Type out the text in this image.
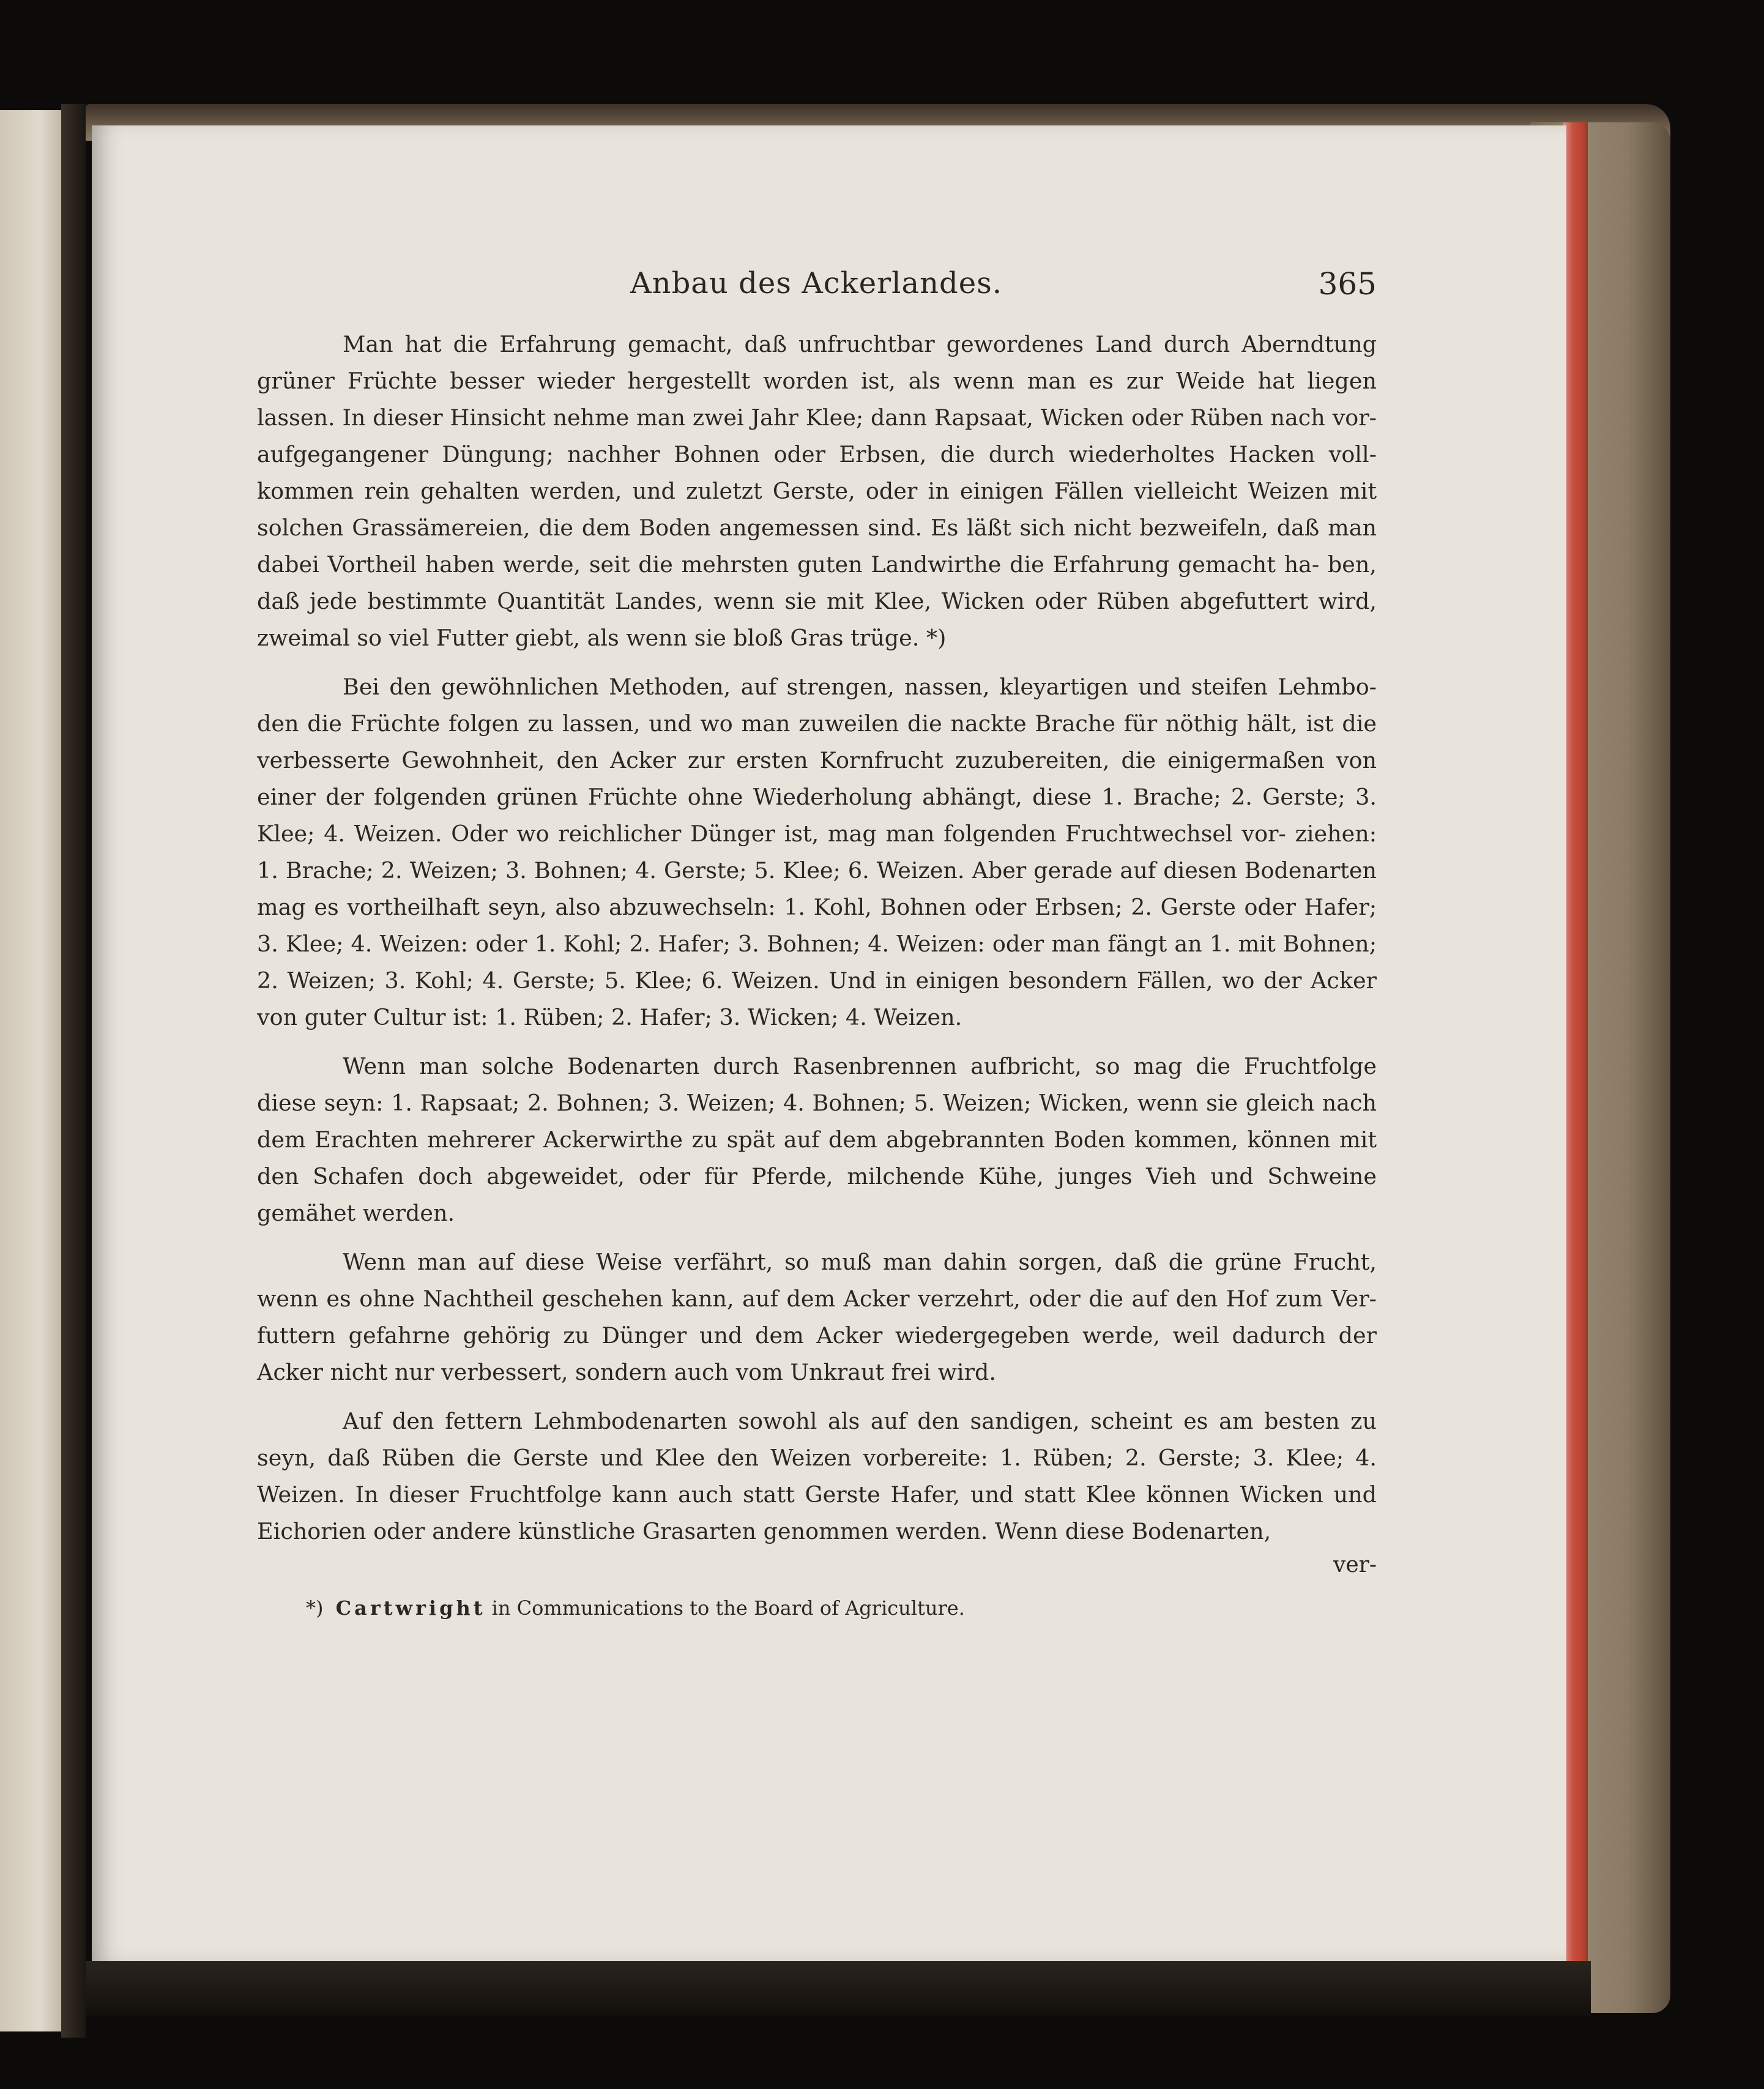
Anbau des Ackerlandes.	365

Man hat die Erfahrung gemacht, daß unfruchtbar gewordenes Land durch Aberndtung grüner Früchte besser wieder hergestellt worden ist, als wenn man es zur Weide hat liegen lassen. In dieser Hinsicht nehme man zwei Jahr Klee; dann Rapsaat, Wicken oder Rüben nach vor- aufgegangener Düngung; nachher Bohnen oder Erbsen, die durch wiederholtes Hacken voll- kommen rein gehalten werden, und zuletzt Gerste, oder in einigen Fällen vielleicht Weizen mit solchen Grassämereien, die dem Boden angemessen sind. Es läßt sich nicht bezweifeln, daß man dabei Vortheil haben werde, seit die mehrsten guten Landwirthe die Erfahrung gemacht ha- ben, daß jede bestimmte Quantität Landes, wenn sie mit Klee, Wicken oder Rüben abgefuttert wird, zweimal so viel Futter giebt, als wenn sie bloß Gras trüge. *)

Bei den gewöhnlichen Methoden, auf strengen, nassen, kleyartigen und steifen Lehmbo- den die Früchte folgen zu lassen, und wo man zuweilen die nackte Brache für nöthig hält, ist die verbesserte Gewohnheit, den Acker zur ersten Kornfrucht zuzubereiten, die einigermaßen von einer der folgenden grünen Früchte ohne Wiederholung abhängt, diese 1. Brache; 2. Gerste; 3. Klee; 4. Weizen. Oder wo reichlicher Dünger ist, mag man folgenden Fruchtwechsel vor- ziehen: 1. Brache; 2. Weizen; 3. Bohnen; 4. Gerste; 5. Klee; 6. Weizen. Aber gerade auf diesen Bodenarten mag es vortheilhaft seyn, also abzuwechseln: 1. Kohl, Bohnen oder Erbsen; 2. Gerste oder Hafer; 3. Klee; 4. Weizen: oder 1. Kohl; 2. Hafer; 3. Bohnen; 4. Weizen: oder man fängt an 1. mit Bohnen; 2. Weizen; 3. Kohl; 4. Gerste; 5. Klee; 6. Weizen. Und in einigen besondern Fällen, wo der Acker von guter Cultur ist: 1. Rüben; 2. Hafer; 3. Wicken; 4. Weizen.

Wenn man solche Bodenarten durch Rasenbrennen aufbricht, so mag die Fruchtfolge diese seyn: 1. Rapsaat; 2. Bohnen; 3. Weizen; 4. Bohnen; 5. Weizen; Wicken, wenn sie gleich nach dem Erachten mehrerer Ackerwirthe zu spät auf dem abgebrannten Boden kommen, können mit den Schafen doch abgeweidet, oder für Pferde, milchende Kühe, junges Vieh und Schweine gemähet werden.

Wenn man auf diese Weise verfährt, so muß man dahin sorgen, daß die grüne Frucht, wenn es ohne Nachtheil geschehen kann, auf dem Acker verzehrt, oder die auf den Hof zum Ver- futtern gefahrne gehörig zu Dünger und dem Acker wiedergegeben werde, weil dadurch der Acker nicht nur verbessert, sondern auch vom Unkraut frei wird.

Auf den fettern Lehmbodenarten sowohl als auf den sandigen, scheint es am besten zu seyn, daß Rüben die Gerste und Klee den Weizen vorbereite: 1. Rüben; 2. Gerste; 3. Klee; 4. Weizen. In dieser Fruchtfolge kann auch statt Gerste Hafer, und statt Klee können Wicken und Eichorien oder andere künstliche Grasarten genommen werden. Wenn diese Bodenarten,

ver-
*) Cartwright in Communications to the Board of Agriculture.
